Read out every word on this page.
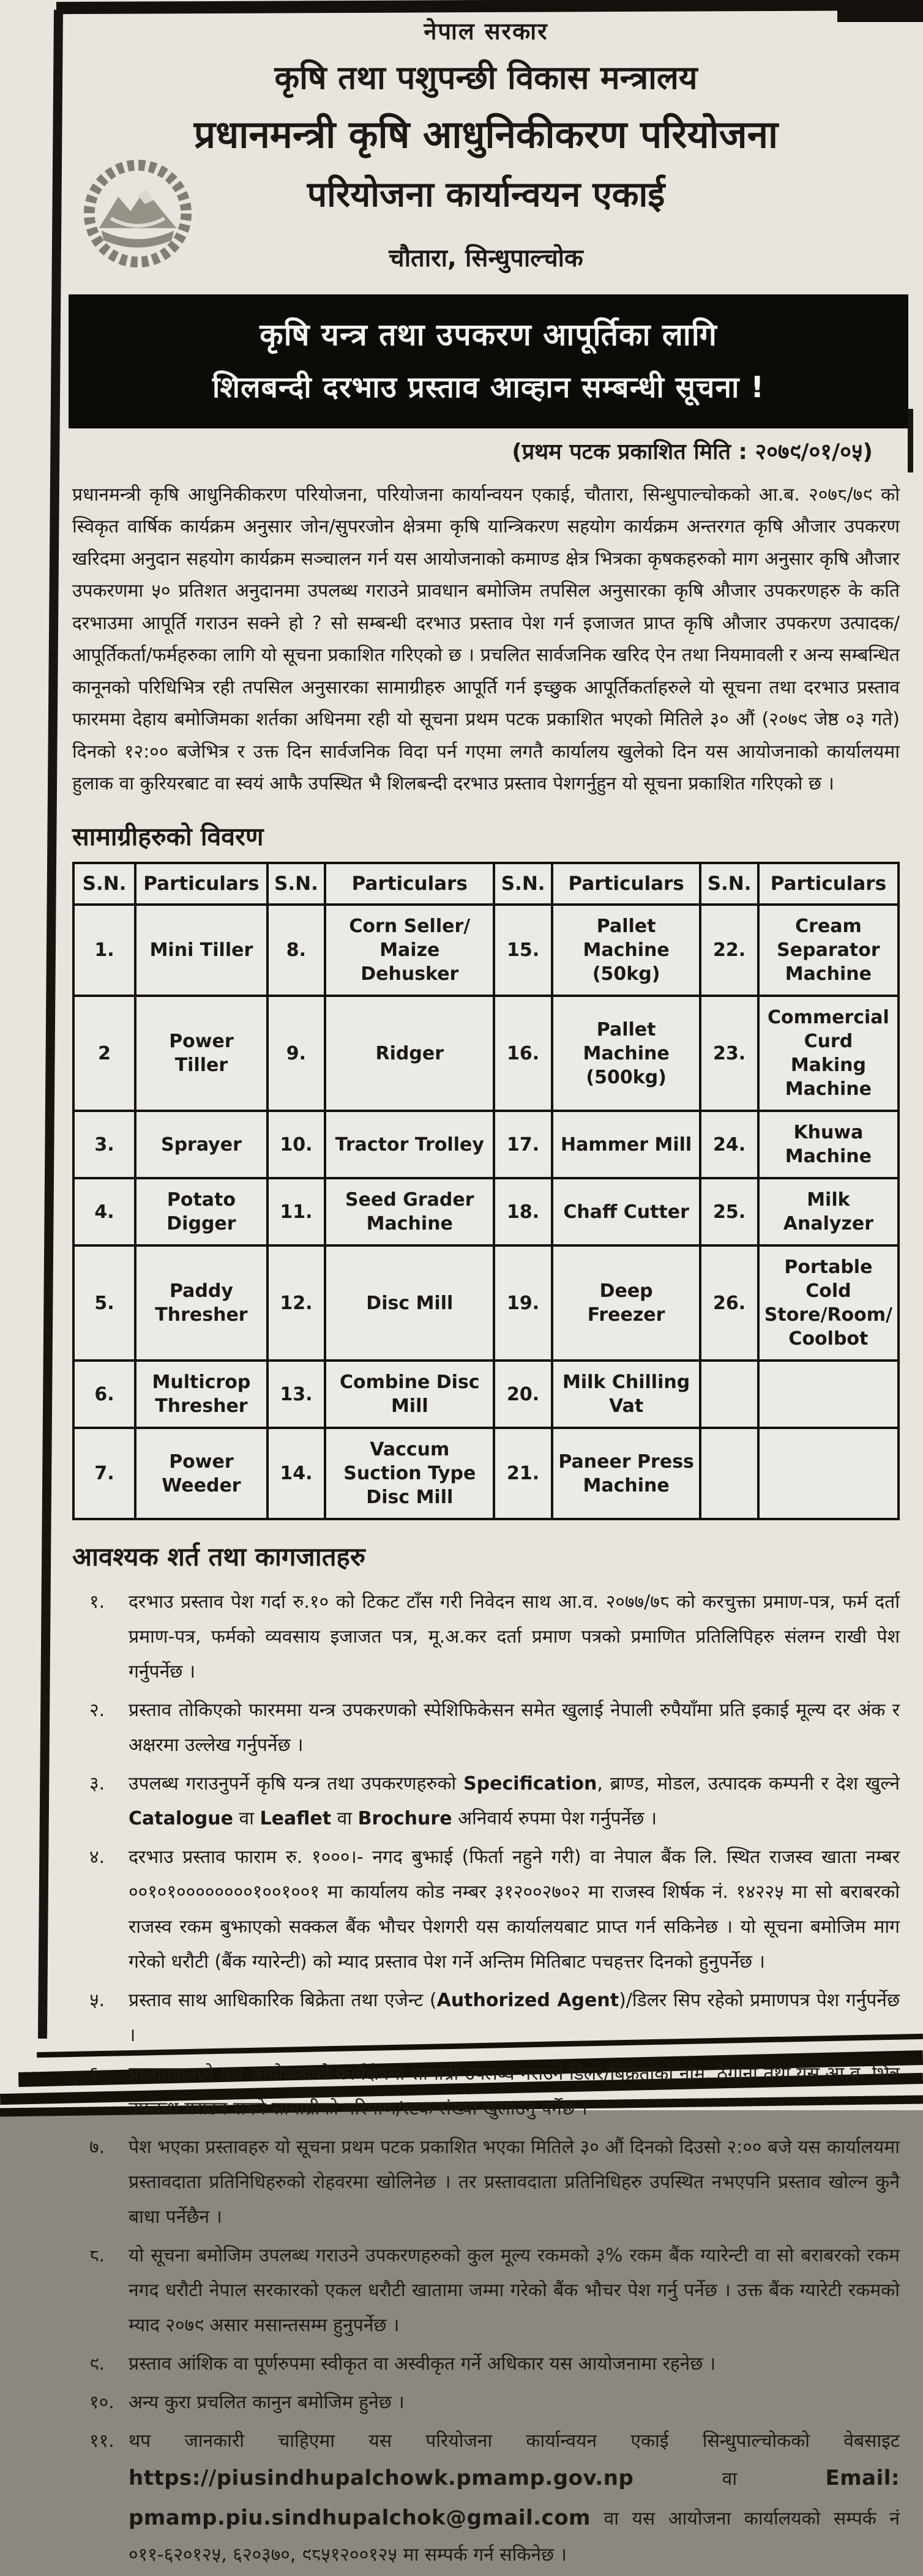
नेपाल सरकार
कृषि तथा पशुपन्छी विकास मन्त्रालय
प्रधानमन्त्री कृषि आधुनिकीकरण परियोजना
परियोजना कार्यान्वयन एकाई
चौतारा, सिन्धुपाल्चोक
कृषि यन्त्र तथा उपकरण आपूर्तिका लागि
शिलबन्दी दरभाउ प्रस्ताव आव्हान सम्बन्धी सूचना !
(प्रथम पटक प्रकाशित मिति : २०७९/०१/०५)

प्रधानमन्त्री कृषि आधुनिकीकरण परियोजना, परियोजना कार्यान्वयन एकाई, चौतारा, सिन्धुपाल्चोकको आ.ब. २०७८/७९ को स्विकृत वार्षिक कार्यक्रम अनुसार जोन/सुपरजोन क्षेत्रमा कृषि यान्त्रिकरण सहयोग कार्यक्रम अन्तरगत कृषि औजार उपकरण खरिदमा अनुदान सहयोग कार्यक्रम सञ्चालन गर्न यस आयोजनाको कमाण्ड क्षेत्र भित्रका कृषकहरुको माग अनुसार कृषि औजार उपकरणमा ५० प्रतिशत अनुदानमा उपलब्ध गराउने प्रावधान बमोजिम तपसिल अनुसारका कृषि औजार उपकरणहरु के कति दरभाउमा आपूर्ति गराउन सक्ने हो ? सो सम्बन्धी दरभाउ प्रस्ताव पेश गर्न इजाजत प्राप्त कृषि औजार उपकरण उत्पादक/आपूर्तिकर्ता/फर्महरुका लागि यो सूचना प्रकाशित गरिएको छ । प्रचलित सार्वजनिक खरिद ऐन तथा नियमावली र अन्य सम्बन्धित कानूनको परिधिभित्र रही तपसिल अनुसारका सामाग्रीहरु आपूर्ति गर्न इच्छुक आपूर्तिकर्ताहरुले यो सूचना तथा दरभाउ प्रस्ताव फारममा देहाय बमोजिमका शर्तका अधिनमा रही यो सूचना प्रथम पटक प्रकाशित भएको मितिले ३० औं (२०७९ जेष्ठ ०३ गते) दिनको १२:०० बजेभित्र र उक्त दिन सार्वजनिक विदा पर्न गएमा लगतै कार्यालय खुलेको दिन यस आयोजनाको कार्यालयमा हुलाक वा कुरियरबाट वा स्वयं आफै उपस्थित भै शिलबन्दी दरभाउ प्रस्ताव पेशगर्नुहुन यो सूचना प्रकाशित गरिएको छ ।

सामाग्रीहरुको विवरण
S.N.	Particulars	S.N.	Particulars	S.N.	Particulars	S.N.	Particulars
1.	Mini Tiller	8.	Corn Seller/ Maize Dehusker	15.	Pallet Machine (50kg)	22.	Cream Separator Machine
2	Power Tiller	9.	Ridger	16.	Pallet Machine (500kg)	23.	Commercial Curd Making Machine
3.	Sprayer	10.	Tractor Trolley	17.	Hammer Mill	24.	Khuwa Machine
4.	Potato Digger	11.	Seed Grader Machine	18.	Chaff Cutter	25.	Milk Analyzer
5.	Paddy Thresher	12.	Disc Mill	19.	Deep Freezer	26.	Portable Cold Store/Room/ Coolbot
6.	Multicrop Thresher	13.	Combine Disc Mill	20.	Milk Chilling Vat		
7.	Power Weeder	14.	Vaccum Suction Type Disc Mill	21.	Paneer Press Machine		
आवश्यक शर्त तथा कागजातहरु
१.	दरभाउ प्रस्ताव पेश गर्दा रु.१० को टिकट टाँस गरी निवेदन साथ आ.व. २०७७/७८ को करचुक्ता प्रमाण-पत्र, फर्म दर्ता प्रमाण-पत्र, फर्मको व्यवसाय इजाजत पत्र, मू.अ.कर दर्ता प्रमाण पत्रको प्रमाणित प्रतिलिपिहरु संलग्न राखी पेश गर्नुपर्नेछ ।
२.	प्रस्ताव तोकिएको फारममा यन्त्र उपकरणको स्पेशिफिकेसन समेत खुलाई नेपाली रुपैयाँमा प्रति इकाई मूल्य दर अंक र अक्षरमा उल्लेख गर्नुपर्नेछ ।
३.	उपलब्ध गराउनुपर्ने कृषि यन्त्र तथा उपकरणहरुको Specification, ब्राण्ड, मोडल, उत्पादक कम्पनी र देश खुल्ने Catalogue वा Leaflet वा Brochure अनिवार्य रुपमा पेश गर्नुपर्नेछ ।
४.	दरभाउ प्रस्ताव फाराम रु. १०००।- नगद बुझाई (फिर्ता नहुने गरी) वा नेपाल बैंक लि. स्थित राजस्व खाता नम्बर ००१०१००००००००१००१००१ मा कार्यालय कोड नम्बर ३१२००२७०२ मा राजस्व शिर्षक नं. १४२२५ मा सो बराबरको राजस्व रकम बुझाएको सक्कल बैंक भौचर पेशगरी यस कार्यालयबाट प्राप्त गर्न सकिनेछ । यो सूचना बमोजिम माग गरेको धरौटी (बैंक ग्यारेन्टी) को म्याद प्रस्ताव पेश गर्ने अन्तिम मितिबाट पचहत्तर दिनको हुनुपर्नेछ ।
५.	प्रस्ताव साथ आधिकारिक बिक्रेता तथा एजेन्ट (Authorized Agent)/डिलर सिप रहेको प्रमाणपत्र पेश गर्नुपर्नेछ ।
६.	प्रस्तावदाताले यस आयोजनाको कार्यक्षेत्रमा सामाग्री उपलब्ध गराउने डिलर/बिक्रेताको नाम, ठेगाना तथा यस आ.व. भित्र उपलब्ध गराउन सक्ने सामाग्रीको परिमाण/स्टक संख्या खुलाउनु पर्नेछ ।
७.	पेश भएका प्रस्तावहरु यो सूचना प्रथम पटक प्रकाशित भएका मितिले ३० औं दिनको दिउसो २:०० बजे यस कार्यालयमा प्रस्तावदाता प्रतिनिधिहरुको रोहवरमा खोलिनेछ । तर प्रस्तावदाता प्रतिनिधिहरु उपस्थित नभएपनि प्रस्ताव खोल्न कुनै बाधा पर्नेछैन ।
८.	यो सूचना बमोजिम उपलब्ध गराउने उपकरणहरुको कुल मूल्य रकमको ३% रकम बैंक ग्यारेन्टी वा सो बराबरको रकम नगद धरौटी नेपाल सरकारको एकल धरौटी खातामा जम्मा गरेको बैंक भौचर पेश गर्नु पर्नेछ । उक्त बैंक ग्यारेटी रकमको म्याद २०७९ असार मसान्तसम्म हुनुपर्नेछ ।
९.	प्रस्ताव आंशिक वा पूर्णरुपमा स्वीकृत वा अस्वीकृत गर्ने अधिकार यस आयोजनामा रहनेछ ।
१०. अन्य कुरा प्रचलित कानुन बमोजिम हुनेछ ।
११. थप जानकारी चाहिएमा यस परियोजना कार्यान्वयन एकाई सिन्धुपाल्चोकको वेबसाइट https://piusindhupalchowk.pmamp.gov.np वा Email: pmamp.piu.sindhupalchok@gmail.com वा यस आयोजना कार्यालयको सम्पर्क नं ०११-६२०१२५, ६२०३७०, ९८५१२००१२५ मा सम्पर्क गर्न सकिनेछ ।
